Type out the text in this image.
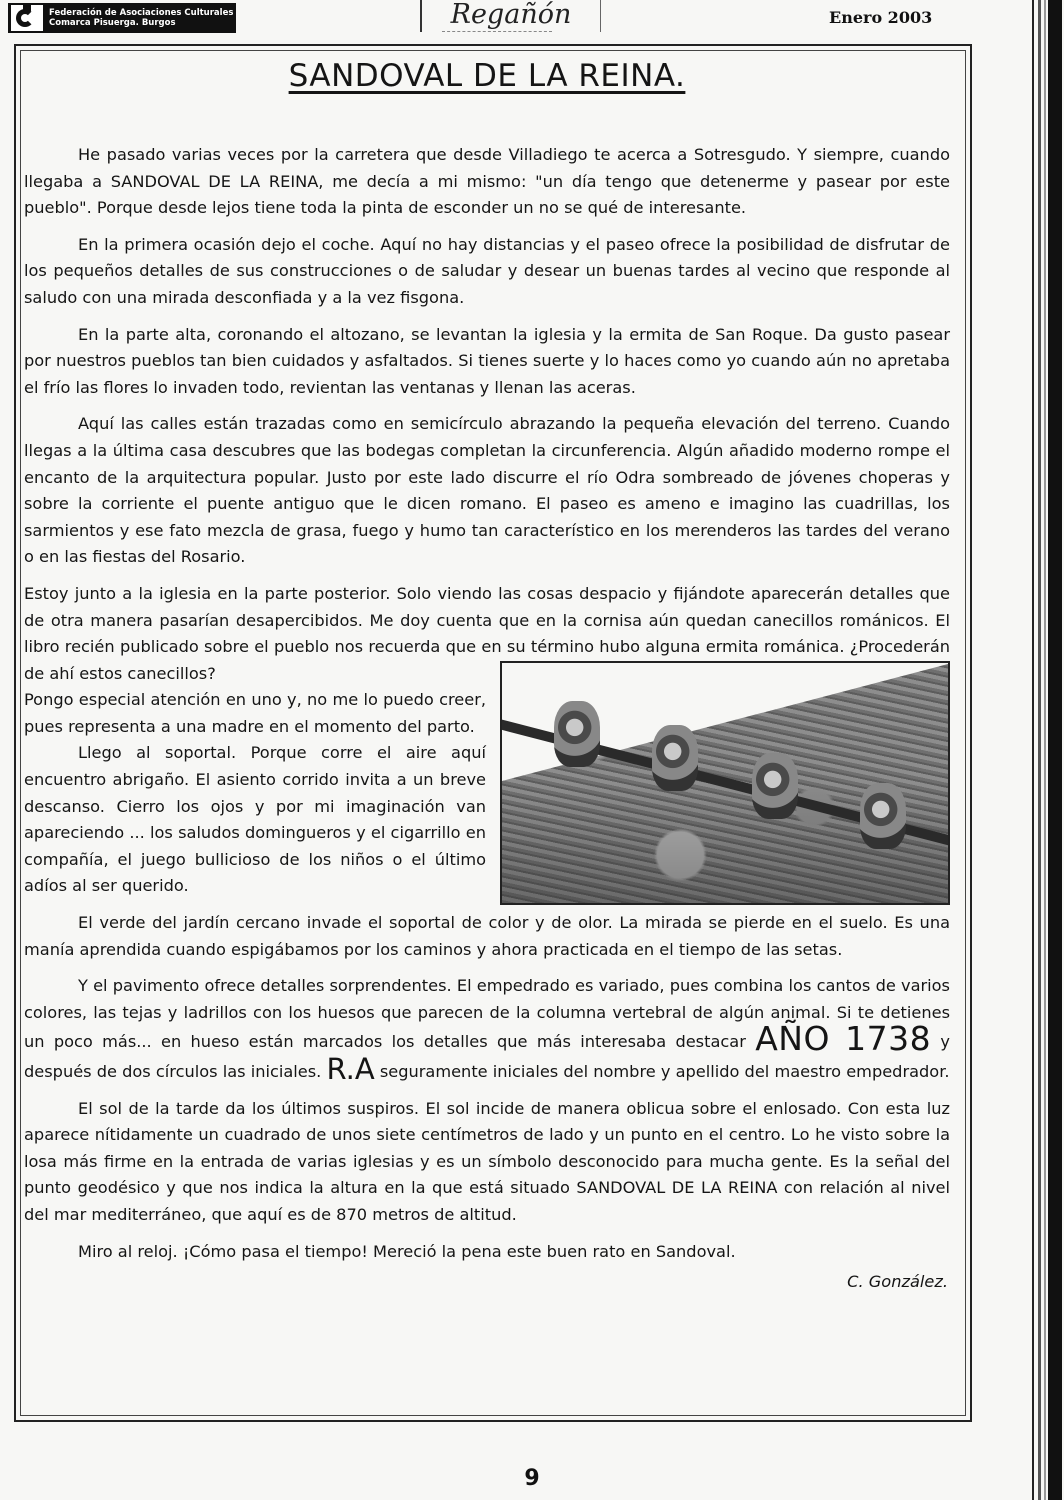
Federación de Asociaciones Culturales
Comarca Pisuerga. Burgos	Regañón	Enero 2003
SANDOVAL DE LA REINA.

He pasado varias veces por la carretera que desde Villadiego te acerca a Sotresgudo. Y siempre, cuando llegaba a SANDOVAL DE LA REINA, me decía a mi mismo: "un día tengo que detenerme y pasear por este pueblo". Porque desde lejos tiene toda la pinta de esconder un no se qué de interesante.

En la primera ocasión dejo el coche. Aquí no hay distancias y el paseo ofrece la posibilidad de disfrutar de los pequeños detalles de sus construcciones o de saludar y desear un buenas tardes al vecino que responde al saludo con una mirada desconfiada y a la vez fisgona.

En la parte alta, coronando el altozano, se levantan la iglesia y la ermita de San Roque. Da gusto pasear por nuestros pueblos tan bien cuidados y asfaltados. Si tienes suerte y lo haces como yo cuando aún no apretaba el frío las flores lo invaden todo, revientan las ventanas y llenan las aceras.

Aquí las calles están trazadas como en semicírculo abrazando la pequeña elevación del terreno. Cuando llegas a la última casa descubres que las bodegas completan la circunferencia. Algún añadido moderno rompe el encanto de la arquitectura popular. Justo por este lado discurre el río Odra sombreado de jóvenes choperas y sobre la corriente el puente antiguo que le dicen romano. El paseo es ameno e imagino las cuadrillas, los sarmientos y ese fato mezcla de grasa, fuego y humo tan característico en los merenderos las tardes del verano o en las fiestas del Rosario.

Estoy junto a la iglesia en la parte posterior. Solo viendo las cosas despacio y fijándote aparecerán detalles que de otra manera pasarían desapercibidos. Me doy cuenta que en la cornisa aún quedan canecillos románicos. El libro recién publicado sobre el pueblo nos recuerda que en su término hubo alguna ermita románica. ¿Procederán de ahí estos canecillos?

Pongo especial atención en uno y, no me lo puedo creer, pues representa a una madre en el momento del parto.

Llego al soportal. Porque corre el aire aquí encuentro abrigaño. El asiento corrido invita a un breve descanso. Cierro los ojos y por mi imaginación van apareciendo ... los saludos domingueros y el cigarrillo en compañía, el juego bullicioso de los niños o el último adíos al ser querido.

El verde del jardín cercano invade el soportal de color y de olor. La mirada se pierde en el suelo. Es una manía aprendida cuando espigábamos por los caminos y ahora practicada en el tiempo de las setas.

Y el pavimento ofrece detalles sorprendentes. El empedrado es variado, pues combina los cantos de varios colores, las tejas y ladrillos con los huesos que parecen de la columna vertebral de algún animal. Si te detienes un poco más... en hueso están marcados los detalles que más interesaba destacar AÑO 1738 y después de dos círculos las iniciales. R.A seguramente iniciales del nombre y apellido del maestro empedrador.

El sol de la tarde da los últimos suspiros. El sol incide de manera oblicua sobre el enlosado. Con esta luz aparece nítidamente un cuadrado de unos siete centímetros de lado y un punto en el centro. Lo he visto sobre la losa más firme en la entrada de varias iglesias y es un símbolo desconocido para mucha gente. Es la señal del punto geodésico y que nos indica la altura en la que está situado SANDOVAL DE LA REINA con relación al nivel del mar mediterráneo, que aquí es de 870 metros de altitud.

Miro al reloj. ¡Cómo pasa el tiempo! Mereció la pena este buen rato en Sandoval.

C. González.
9
